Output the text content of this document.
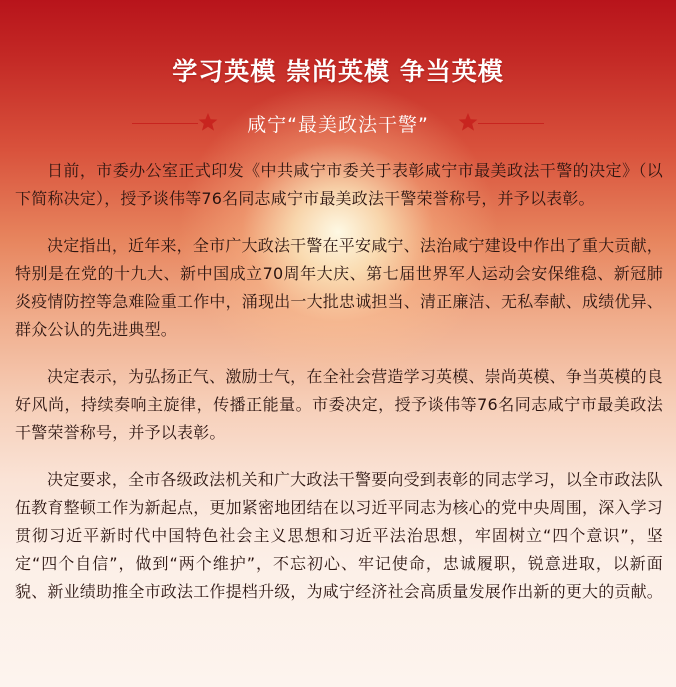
学习英模 崇尚英模 争当英模
咸宁“最美政法干警”

日前，市委办公室正式印发《中共咸宁市委关于表彰咸宁市最美政法干警的决定》（以下简称决定），授予谈伟等76名同志咸宁市最美政法干警荣誉称号，并予以表彰。

决定指出，近年来，全市广大政法干警在平安咸宁、法治咸宁建设中作出了重大贡献，特别是在党的十九大、新中国成立70周年大庆、第七届世界军人运动会安保维稳、新冠肺炎疫情防控等急难险重工作中，涌现出一大批忠诚担当、清正廉洁、无私奉献、成绩优异、群众公认的先进典型。

决定表示，为弘扬正气、激励士气，在全社会营造学习英模、崇尚英模、争当英模的良好风尚，持续奏响主旋律，传播正能量。市委决定，授予谈伟等76名同志咸宁市最美政法干警荣誉称号，并予以表彰。

决定要求，全市各级政法机关和广大政法干警要向受到表彰的同志学习，以全市政法队伍教育整顿工作为新起点，更加紧密地团结在以习近平同志为核心的党中央周围，深入学习贯彻习近平新时代中国特色社会主义思想和习近平法治思想，牢固树立“四个意识”，坚定“四个自信”，做到“两个维护”，不忘初心、牢记使命，忠诚履职，锐意进取，以新面貌、新业绩助推全市政法工作提档升级，为咸宁经济社会高质量发展作出新的更大的贡献。
